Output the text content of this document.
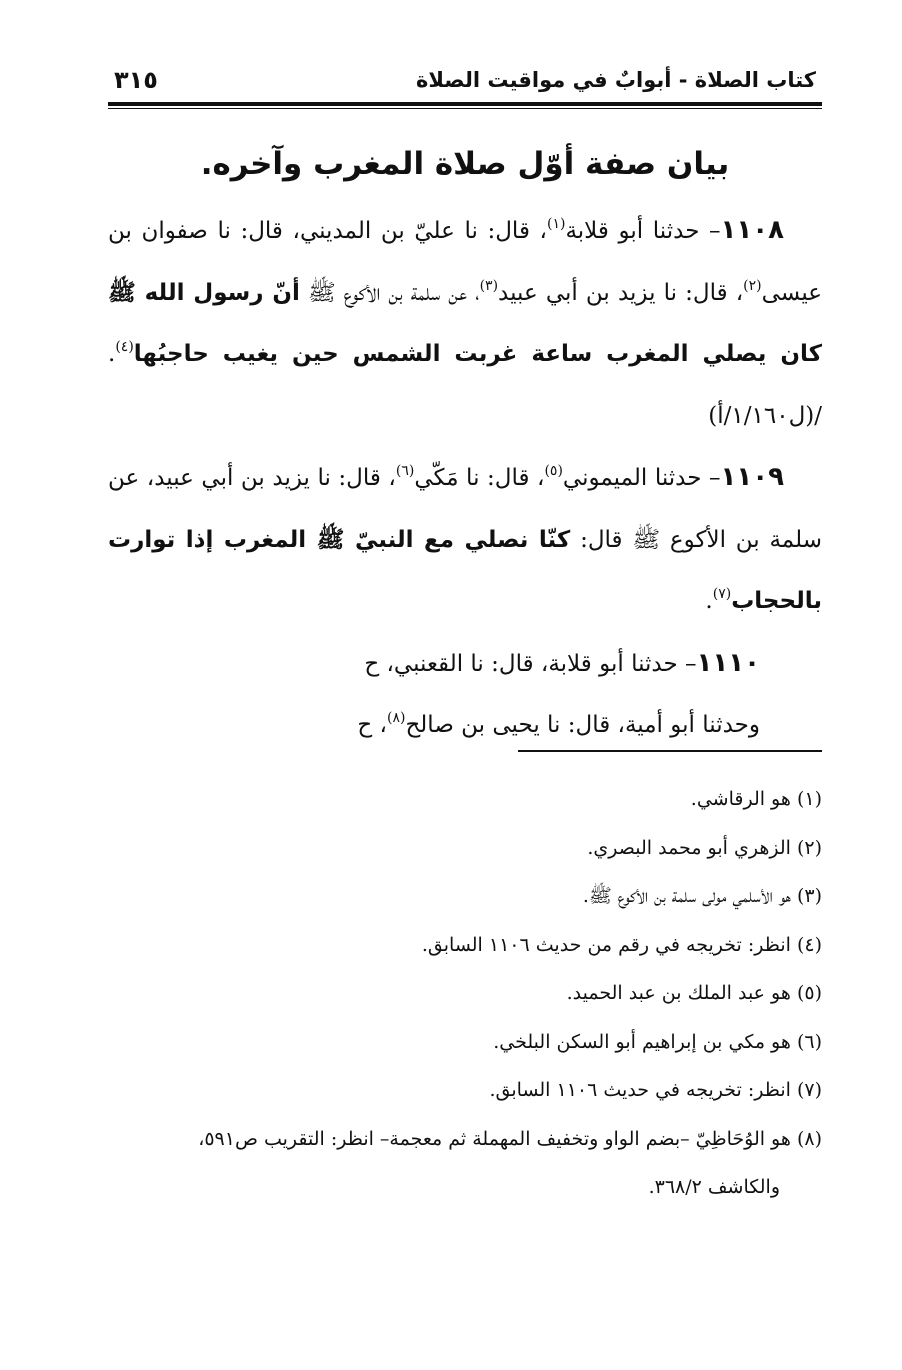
كتاب الصلاة - أبوابٌ في مواقيت الصلاة
٣١٥
بيان صفة أوّل صلاة المغرب وآخره.

١١٠٨– حدثنا أبو قلابة$^{(١)}$، قال: نا عليّ بن المديني، قال: نا صفوان بن عيسى$^{(٢)}$، قال: نا يزيد بن أبي عبيد$^{(٣)}$، عن سلمة بن الأكوع ﷺ أنّ رسول الله ﷺ كان يصلي المغرب ساعة غربت الشمس حين يغيب حاجبُها$^{(٤)}$. /(ل١/١٦٠/أ)

١١٠٩– حدثنا الميموني$^{(٥)}$، قال: نا مَكّي$^{(٦)}$، قال: نا يزيد بن أبي عبيد، عن سلمة بن الأكوع ﷺ قال: كنّا نصلي مع النبيّ ﷺ المغرب إذا توارت بالحجاب$^{(٧)}$.

١١١٠– حدثنا أبو قلابة، قال: نا القعنبي، ح

وحدثنا أبو أمية، قال: نا يحيى بن صالح$^{(٨)}$، ح

(١) هو الرقاشي.

(٢) الزهري أبو محمد البصري.

(٣) هو الأسلمي مولى سلمة بن الأكوع ﷺ.

(٤) انظر: تخريجه في رقم من حديث ١١٠٦ السابق.

(٥) هو عبد الملك بن عبد الحميد.

(٦) هو مكي بن إبراهيم أبو السكن البلخي.

(٧) انظر: تخريجه في حديث ١١٠٦ السابق.

(٨) هو الوُحَاظِيّ –بضم الواو وتخفيف المهملة ثم معجمة– انظر: التقريب ص٥٩١،

والكاشف ٣٦٨/٢.
